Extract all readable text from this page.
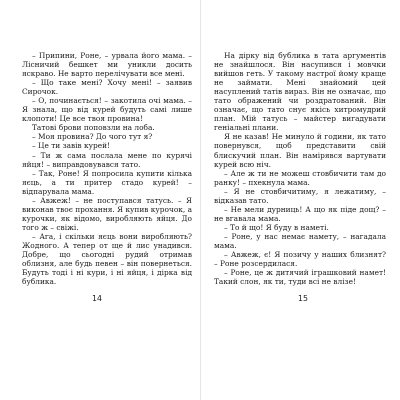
– Припини, Роне, – урвала його мама. – Лісничий бешкет ми уникли досить яскраво. Не варто перелічувати все мені.

– Що таке мені? Хочу мені! – заявив Сирочок.

– О, починається! – закотила очі мама. – Я знала, що від курей будуть самі лише клопоти! Це все твоя провина!

Татові брови поповзли на лоба.

– Моя провина? До чого тут я?

– Це ти завів курей!

– Ти ж сама послала мене по курячі яйця! – виправдовувався тато.

– Так, Роне! Я попросила купити кілька яєць, а ти притер стадо курей! – відпарувала мама.

– Авжеж! – не поступався татусь. – Я виконав твоє прохання. Я купив курочок, а курочки, як відомо, виробляють яйця. До того ж – свіжі.

– Ага, і скільки яєць вони виробляють? Жодного. А тепер от ще й лис унадився. Добре, що сьогодні рудий отримав облизня, але будь певен – він повернеться. Будуть тоді і ні кури, і ні яйця, і дірка від бублика.

14

На дірку від бублика в тата аргументів не знайшлося. Він насупився і мовчки вийшов геть. У такому настрої йому краще не займати. Мені знайомий цей насуплений татів вираз. Він не означає, що тато ображений чи роздратований. Він означає, що тато снує якісь хитромудрий план. Мій татусь – майстер вигадувати геніальні плани.

Я не казав! Не минуло й години, як тато повернувся, щоб представити свій блискучий план. Він намірявся вартувати курей всю ніч.

– Але ж ти не можеш стовбичити там до ранку! – пхекнула мама.

– Я не стовбичитиму, я лежатиму, – відказав тато.

– Не мели дурниць! А що як піде дощ? – не вгавала мама.

– То й що! Я буду в наметі.

– Роне, у нас немає намету, – нагадала мама.

– Авжеж, є! Я позичу у наших близнят? – Роне розсердилася.

– Роне, це ж дитячий іграшковий намет! Такий слон, як ти, туди всі не влізе!

15
